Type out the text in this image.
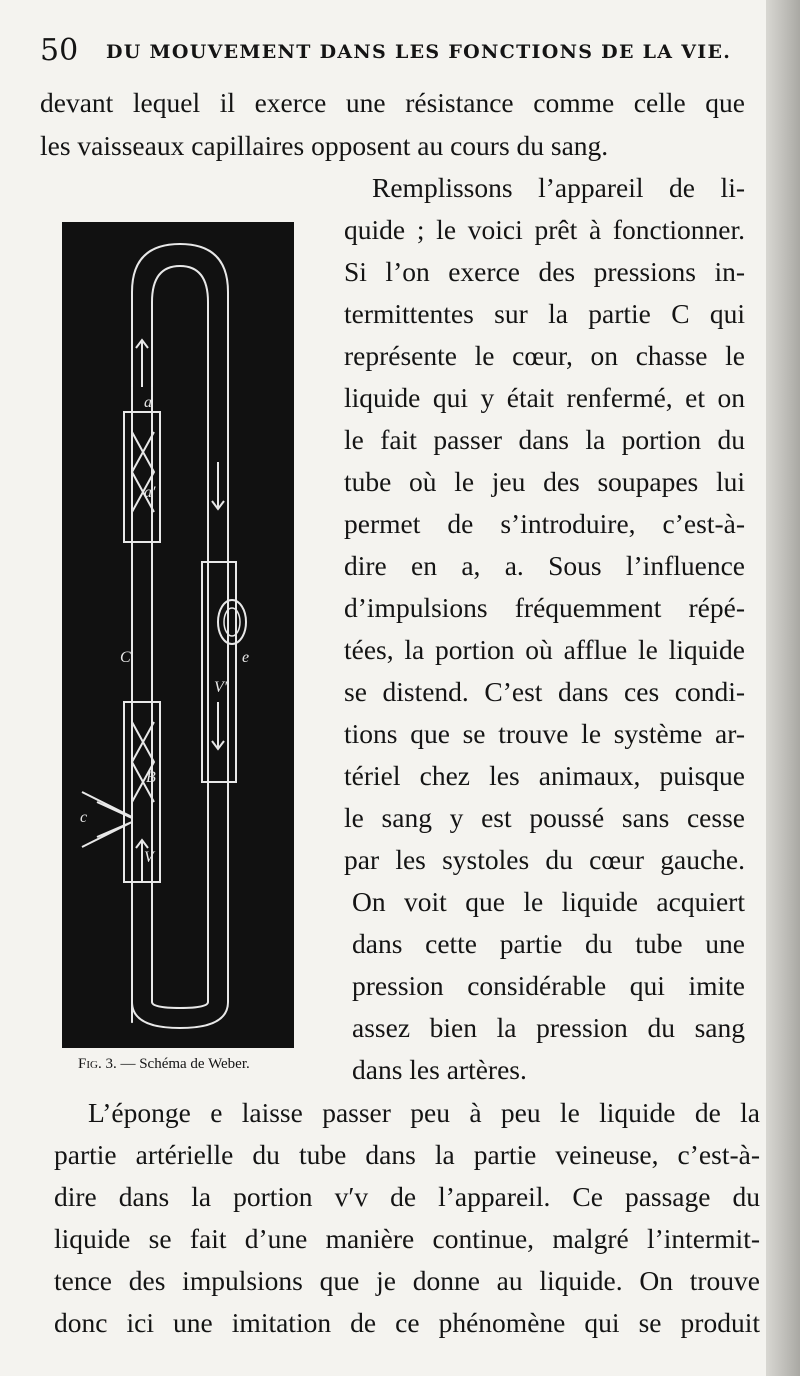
50 DU MOUVEMENT DANS LES FONCTIONS DE LA VIE.
devant lequel il exerce une résistance comme celle que
les vaisseaux capillaires opposent au cours du sang.
a
a′
C	e
V′
V
c
B
Fig. 3. — Schéma de Weber.
Remplissons l’appareil de li-
quide ; le voici prêt à fonctionner.
Si l’on exerce des pressions in-
termittentes sur la partie C qui
représente le cœur, on chasse le
liquide qui y était renfermé, et on
le fait passer dans la portion du
tube où le jeu des soupapes lui
permet de s’introduire, c’est-à-
dire en a, a. Sous l’influence
d’impulsions fréquemment répé-
tées, la portion où afflue le liquide
se distend. C’est dans ces condi-
tions que se trouve le système ar-
tériel chez les animaux, puisque
le sang y est poussé sans cesse
par les systoles du cœur gauche.
On voit que le liquide acquiert
dans cette partie du tube une
pression considérable qui imite
assez bien la pression du sang
dans les artères.
L’éponge e laisse passer peu à peu le liquide de la
partie artérielle du tube dans la partie veineuse, c’est-à-
dire dans la portion v′v de l’appareil. Ce passage du
liquide se fait d’une manière continue, malgré l’intermit-
tence des impulsions que je donne au liquide. On trouve
donc ici une imitation de ce phénomène qui se produit
